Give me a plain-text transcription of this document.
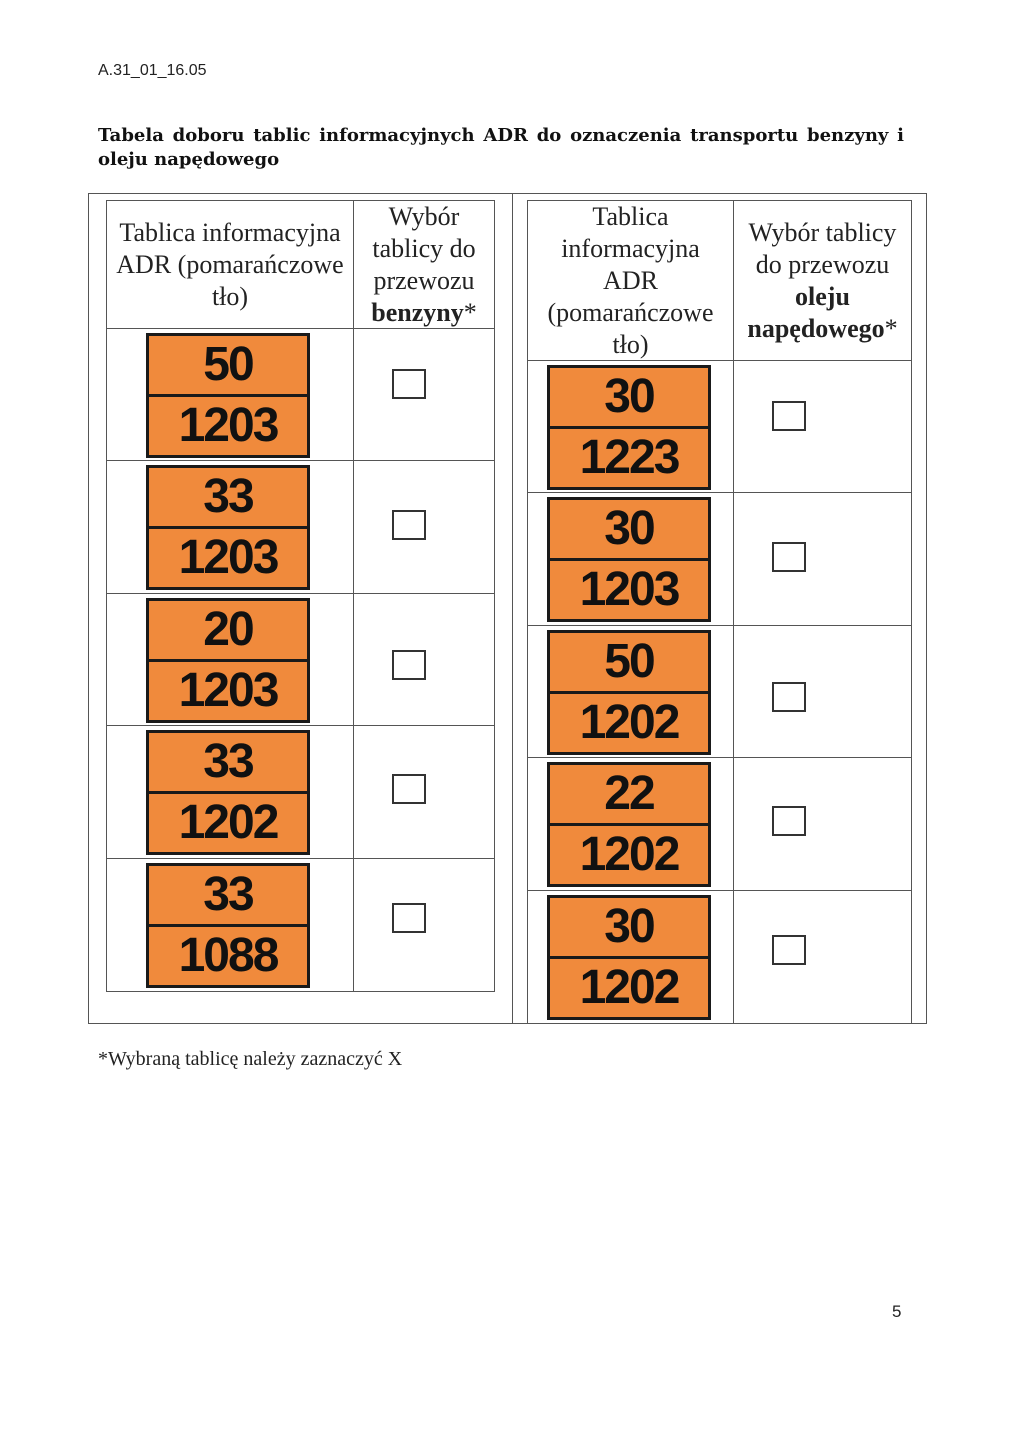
A.31_01_16.05
Tabela doboru tablic informacyjnych ADR do oznaczenia transportu benzyny i oleju napędowego
Tablica informacyjna ADR (pomarańczowe tło)
Wybór
tablicy do
przewozu
benzyny*
50
1203
33
1203
20
1203
33
1202
33
1088
Tablica informacyjna ADR (pomarańczowe tło)
Wybór tablicy
do przewozu
oleju
napędowego*
30
1223
30
1203
50
1202
22
1202
30
1202
*Wybraną tablicę należy zaznaczyć X
5
